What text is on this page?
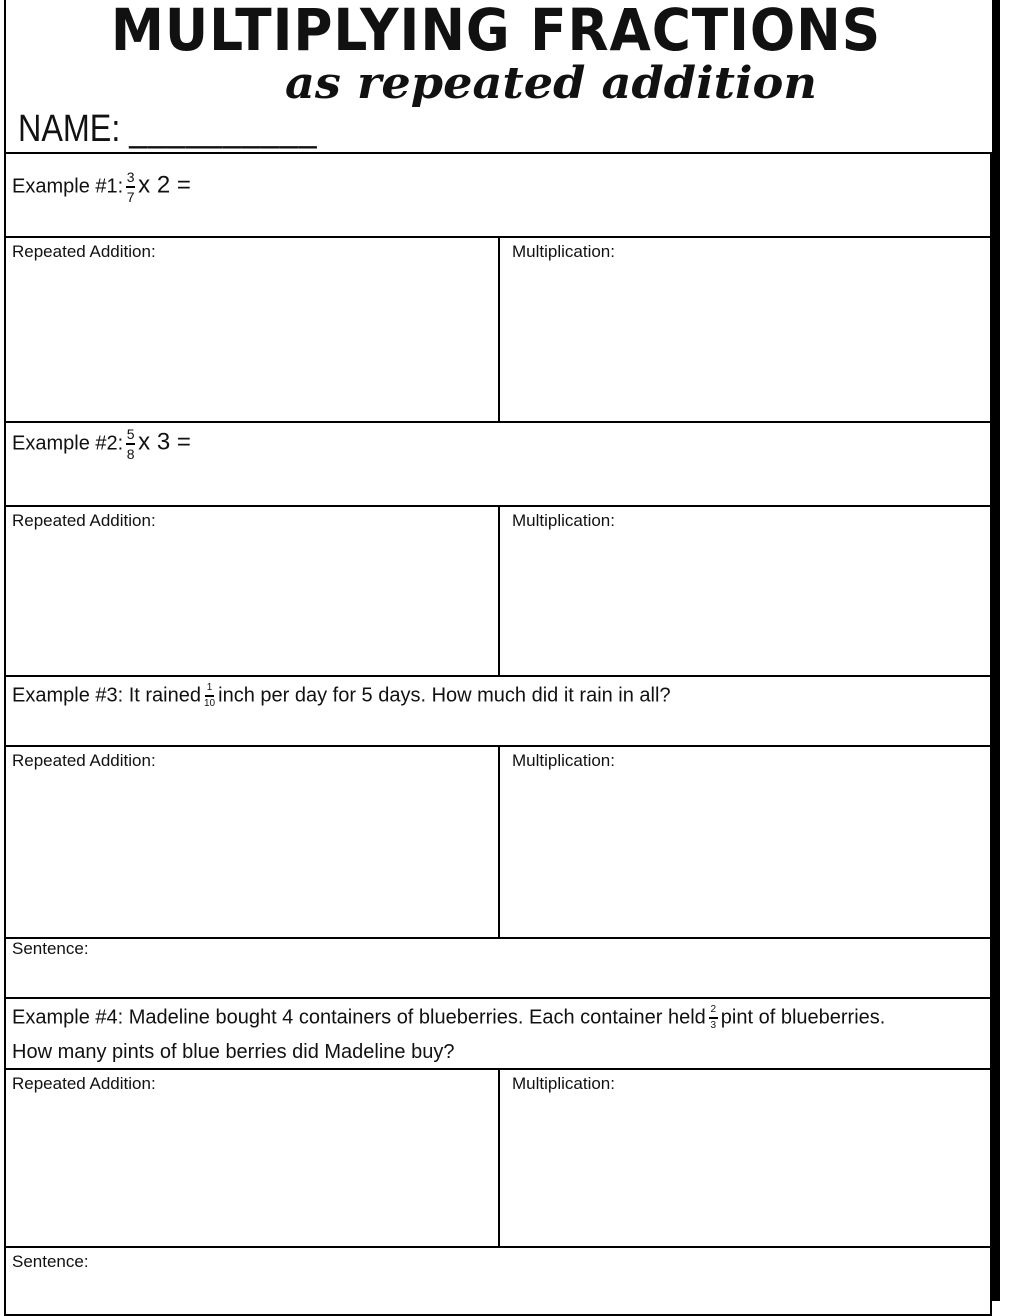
MULTIPLYING FRACTIONS
as repeated addition
NAME: __________
Example #1: $\frac{3}{7}$ x 2 =
Repeated Addition:	Multiplication:
Example #2: $\frac{5}{8}$ x 3 =
Repeated Addition:	Multiplication:
Example #3: It rained $\frac{1}{10}$ inch per day for 5 days. How much did it rain in all?
Repeated Addition:	Multiplication:
Sentence:
Example #4: Madeline bought 4 containers of blueberries. Each container held $\frac{2}{3}$ pint of blueberries.
How many pints of blue berries did Madeline buy?
Repeated Addition:	Multiplication:
Sentence:
